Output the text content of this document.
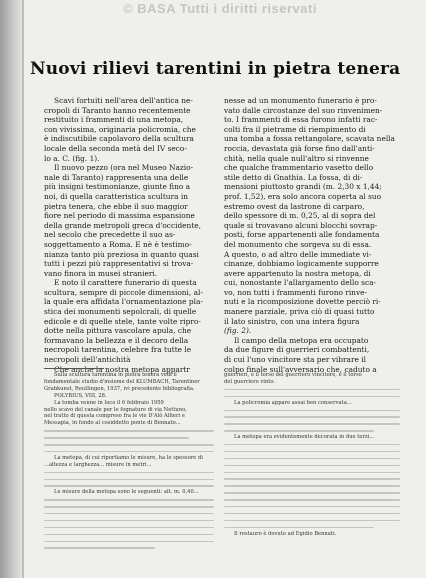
© BASA Tutti i diritti riservati
Nuovi rilievi tarentini in pietra tenera

Scavi fortuiti nell'area dell'antica ne-

cropoli di Taranto hanno recentemente

restituito i frammenti di una metopa,

con vivissima, originaria policromia, che

è indiscutibile capolavoro della scultura

locale della seconda metà del IV seco-

lo a. C. (fig. 1).

Il nuovo pezzo (ora nel Museo Nazio-

nale di Taranto) rappresenta una delle

più insigni testimonianze, giunte fino a

noi, di quella caratteristica scultura in

pietra tenera, che ebbe il suo maggior

fiore nel periodo di massima espansione

della grande metropoli greca d'occidente,

nel secolo che precedette il suo as-

soggettamento a Roma. E nè è testimo-

nianza tanto più preziosa in quanto quasi

tutti i pezzi più rappresentativi si trova-

vano finora in musei stranieri.

E noto il carattere funerario di questa

scultura, sempre di piccole dimensioni, al-

la quale era affidata l'ornamentazione pla-

stica dei monumenti sepolcrali, di quelle

edicole e di quelle stele, tante volte ripro-

dotte nella pittura vascolare apula, che

formavano la bellezza e il decoro della

necropoli tarentina, celebre fra tutte le

necropoli dell'antichità

Che anche la nostra metopa appartr

nesse ad un monumento funerario è pro-

vato dalle circostanze del suo rinvenimen-

to. I frammenti di essa furono infatti rac-

colti fra il pietrame di riempimento di

una tomba a fossa rettangolare, scavata nella

roccia, devastata già forse fino dall'anti-

chità, nella quale null'altro si rinvenne

che qualche frammentario vasetto dello

stile detto di Gnathia. La fossa, di di-

mensioni piuttosto grandi (m. 2,30 x 1,44;

prof. 1,52), era solo ancora coperta al suo

estremo ovest da lastrone di carparo,

dello spessore di m. 0,25, al di sopra del

quale si trovavano alcuni blocchi sovrap-

posti, forse appartenenti alle fondamenta

del monumento che sorgeva su di essa.

A questo, o ad altro delle immediate vi-

cinanze, dobbiamo logicamente supporre

avere appartenuto la nostra metopa, di

cui, nonostante l'allargamento dello sca-

vo, non tutti i frammenti furono rinve-

nuti e la ricomposizione dovette perciò ri-

manere parziale, priva ciò di quasi tutto

il lato sinistro, con una intera figura

(fig. 2).

Il campo della metopa era occupato

da due figure di guerrieri combattenti,

di cui l'uno vincitore sta per vibrare il

colpo finale sull'avversario che, caduto a

Sulla scultura tarentina in pietra tenera vedi il

fondamentale studio d'insieme del KLUMBACH, Tarentiner

Grabkunst, Reutlingen, 1937, ivi precedente bibliografia.

POLYBIUS, VIII, 28.

La tomba venne in luce il 6 febbraio 1959

nello scavo del canale per le fognature di via Nettuno,

nel tratto di questa compreso fra le vie D'Alò Alfieri e

Messapia, in fondo al cosiddetto ponte di Bennato...

La metopa, di cui riportiamo le misure, ha lo spessore di

...altezza e larghezza... misure in metri...

Le misure della metopa sono le seguenti: alt. m. 0,40...

guerrieri, e il torso del guerriero vincitore, e il torso

del guerriero vinto.

La policromia appare assai ben conservata...

La metopa era evidentemente decorata in due terzi...

Il restauro è dovuto ad Egidio Bennati.
